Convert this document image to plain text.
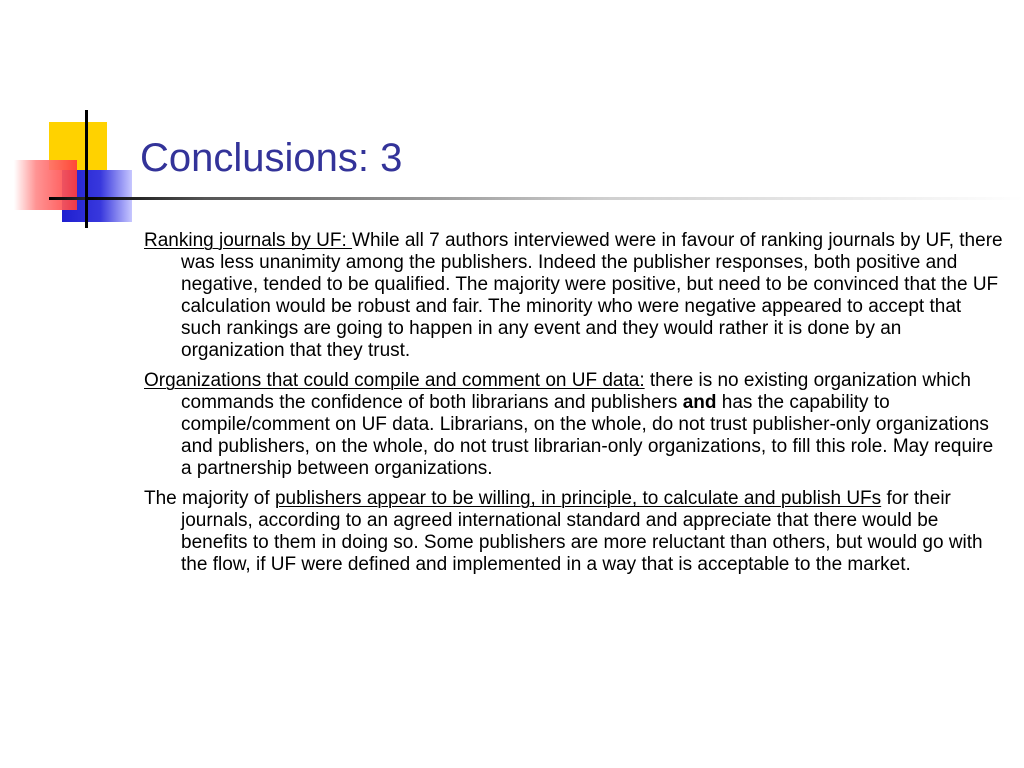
Conclusions: 3
Ranking journals by UF: While all 7 authors interviewed were in favour of ranking journals by UF, there was less unanimity among the publishers. Indeed the publisher responses, both positive and negative, tended to be qualified. The majority were positive, but need to be convinced that the UF calculation would be robust and fair. The minority who were negative appeared to accept that such rankings are going to happen in any event and they would rather it is done by an organization that they trust.
Organizations that could compile and comment on UF data: there is no existing organization which commands the confidence of both librarians and publishers and has the capability to compile/comment on UF data. Librarians, on the whole, do not trust publisher-only organizations and publishers, on the whole, do not trust librarian-only organizations, to fill this role. May require a partnership between organizations.
The majority of publishers appear to be willing, in principle, to calculate and publish UFs for their journals, according to an agreed international standard and appreciate that there would be benefits to them in doing so. Some publishers are more reluctant than others, but would go with the flow, if UF were defined and implemented in a way that is acceptable to the market.
